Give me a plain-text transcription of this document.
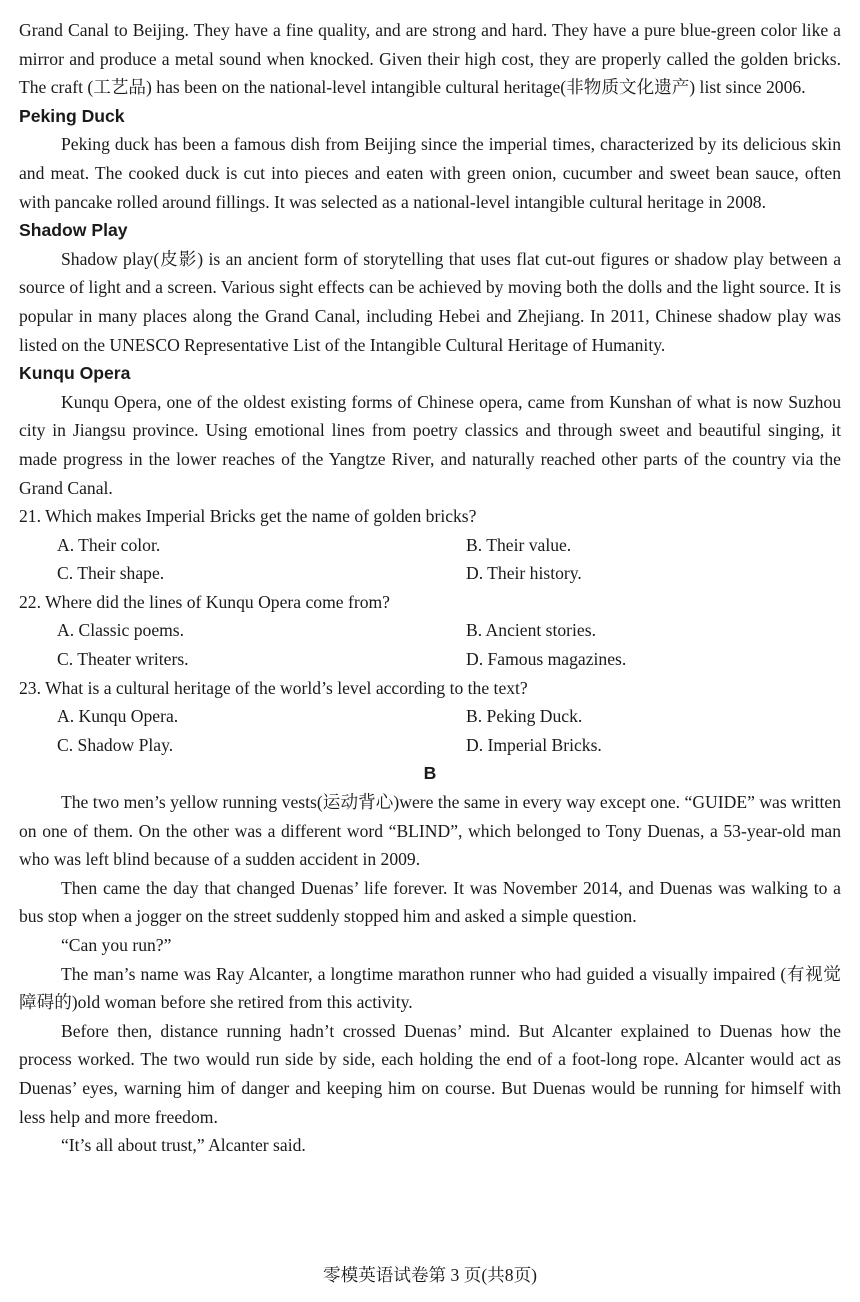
Grand Canal to Beijing. They have a fine quality, and are strong and hard. They have a pure blue-green color like a mirror and produce a metal sound when knocked. Given their high cost, they are properly called the golden bricks. The craft (工艺品) has been on the national-level intangible cultural heritage(非物质文化遗产) list since 2006.

Peking Duck

Peking duck has been a famous dish from Beijing since the imperial times, characterized by its delicious skin and meat. The cooked duck is cut into pieces and eaten with green onion, cucumber and sweet bean sauce, often with pancake rolled around fillings. It was selected as a national-level intangible cultural heritage in 2008.

Shadow Play

Shadow play(皮影) is an ancient form of storytelling that uses flat cut-out figures or shadow play between a source of light and a screen. Various sight effects can be achieved by moving both the dolls and the light source. It is popular in many places along the Grand Canal, including Hebei and Zhejiang. In 2011, Chinese shadow play was listed on the UNESCO Representative List of the Intangible Cultural Heritage of Humanity.

Kunqu Opera

Kunqu Opera, one of the oldest existing forms of Chinese opera, came from Kunshan of what is now Suzhou city in Jiangsu province. Using emotional lines from poetry classics and through sweet and beautiful singing, it made progress in the lower reaches of the Yangtze River, and naturally reached other parts of the country via the Grand Canal.

21. Which makes Imperial Bricks get the name of golden bricks?

A. Their color.	B. Their value.
C. Their shape.	D. Their history.

22. Where did the lines of Kunqu Opera come from?

A. Classic poems.	B. Ancient stories.
C. Theater writers.	D. Famous magazines.

23. What is a cultural heritage of the world’s level according to the text?

A. Kunqu Opera.	B. Peking Duck.
C. Shadow Play.	D. Imperial Bricks.

B

The two men’s yellow running vests(运动背心)were the same in every way except one. “GUIDE” was written on one of them. On the other was a different word “BLIND”, which belonged to Tony Duenas, a 53-year-old man who was left blind because of a sudden accident in 2009.

Then came the day that changed Duenas’ life forever. It was November 2014, and Duenas was walking to a bus stop when a jogger on the street suddenly stopped him and asked a simple question.

“Can you run?”

The man’s name was Ray Alcanter, a longtime marathon runner who had guided a visually impaired (有视觉障碍的)old woman before she retired from this activity.

Before then, distance running hadn’t crossed Duenas’ mind. But Alcanter explained to Duenas how the process worked. The two would run side by side, each holding the end of a foot-long rope. Alcanter would act as Duenas’ eyes, warning him of danger and keeping him on course. But Duenas would be running for himself with less help and more freedom.

“It’s all about trust,” Alcanter said.

零模英语试卷第 3 页(共8页)
